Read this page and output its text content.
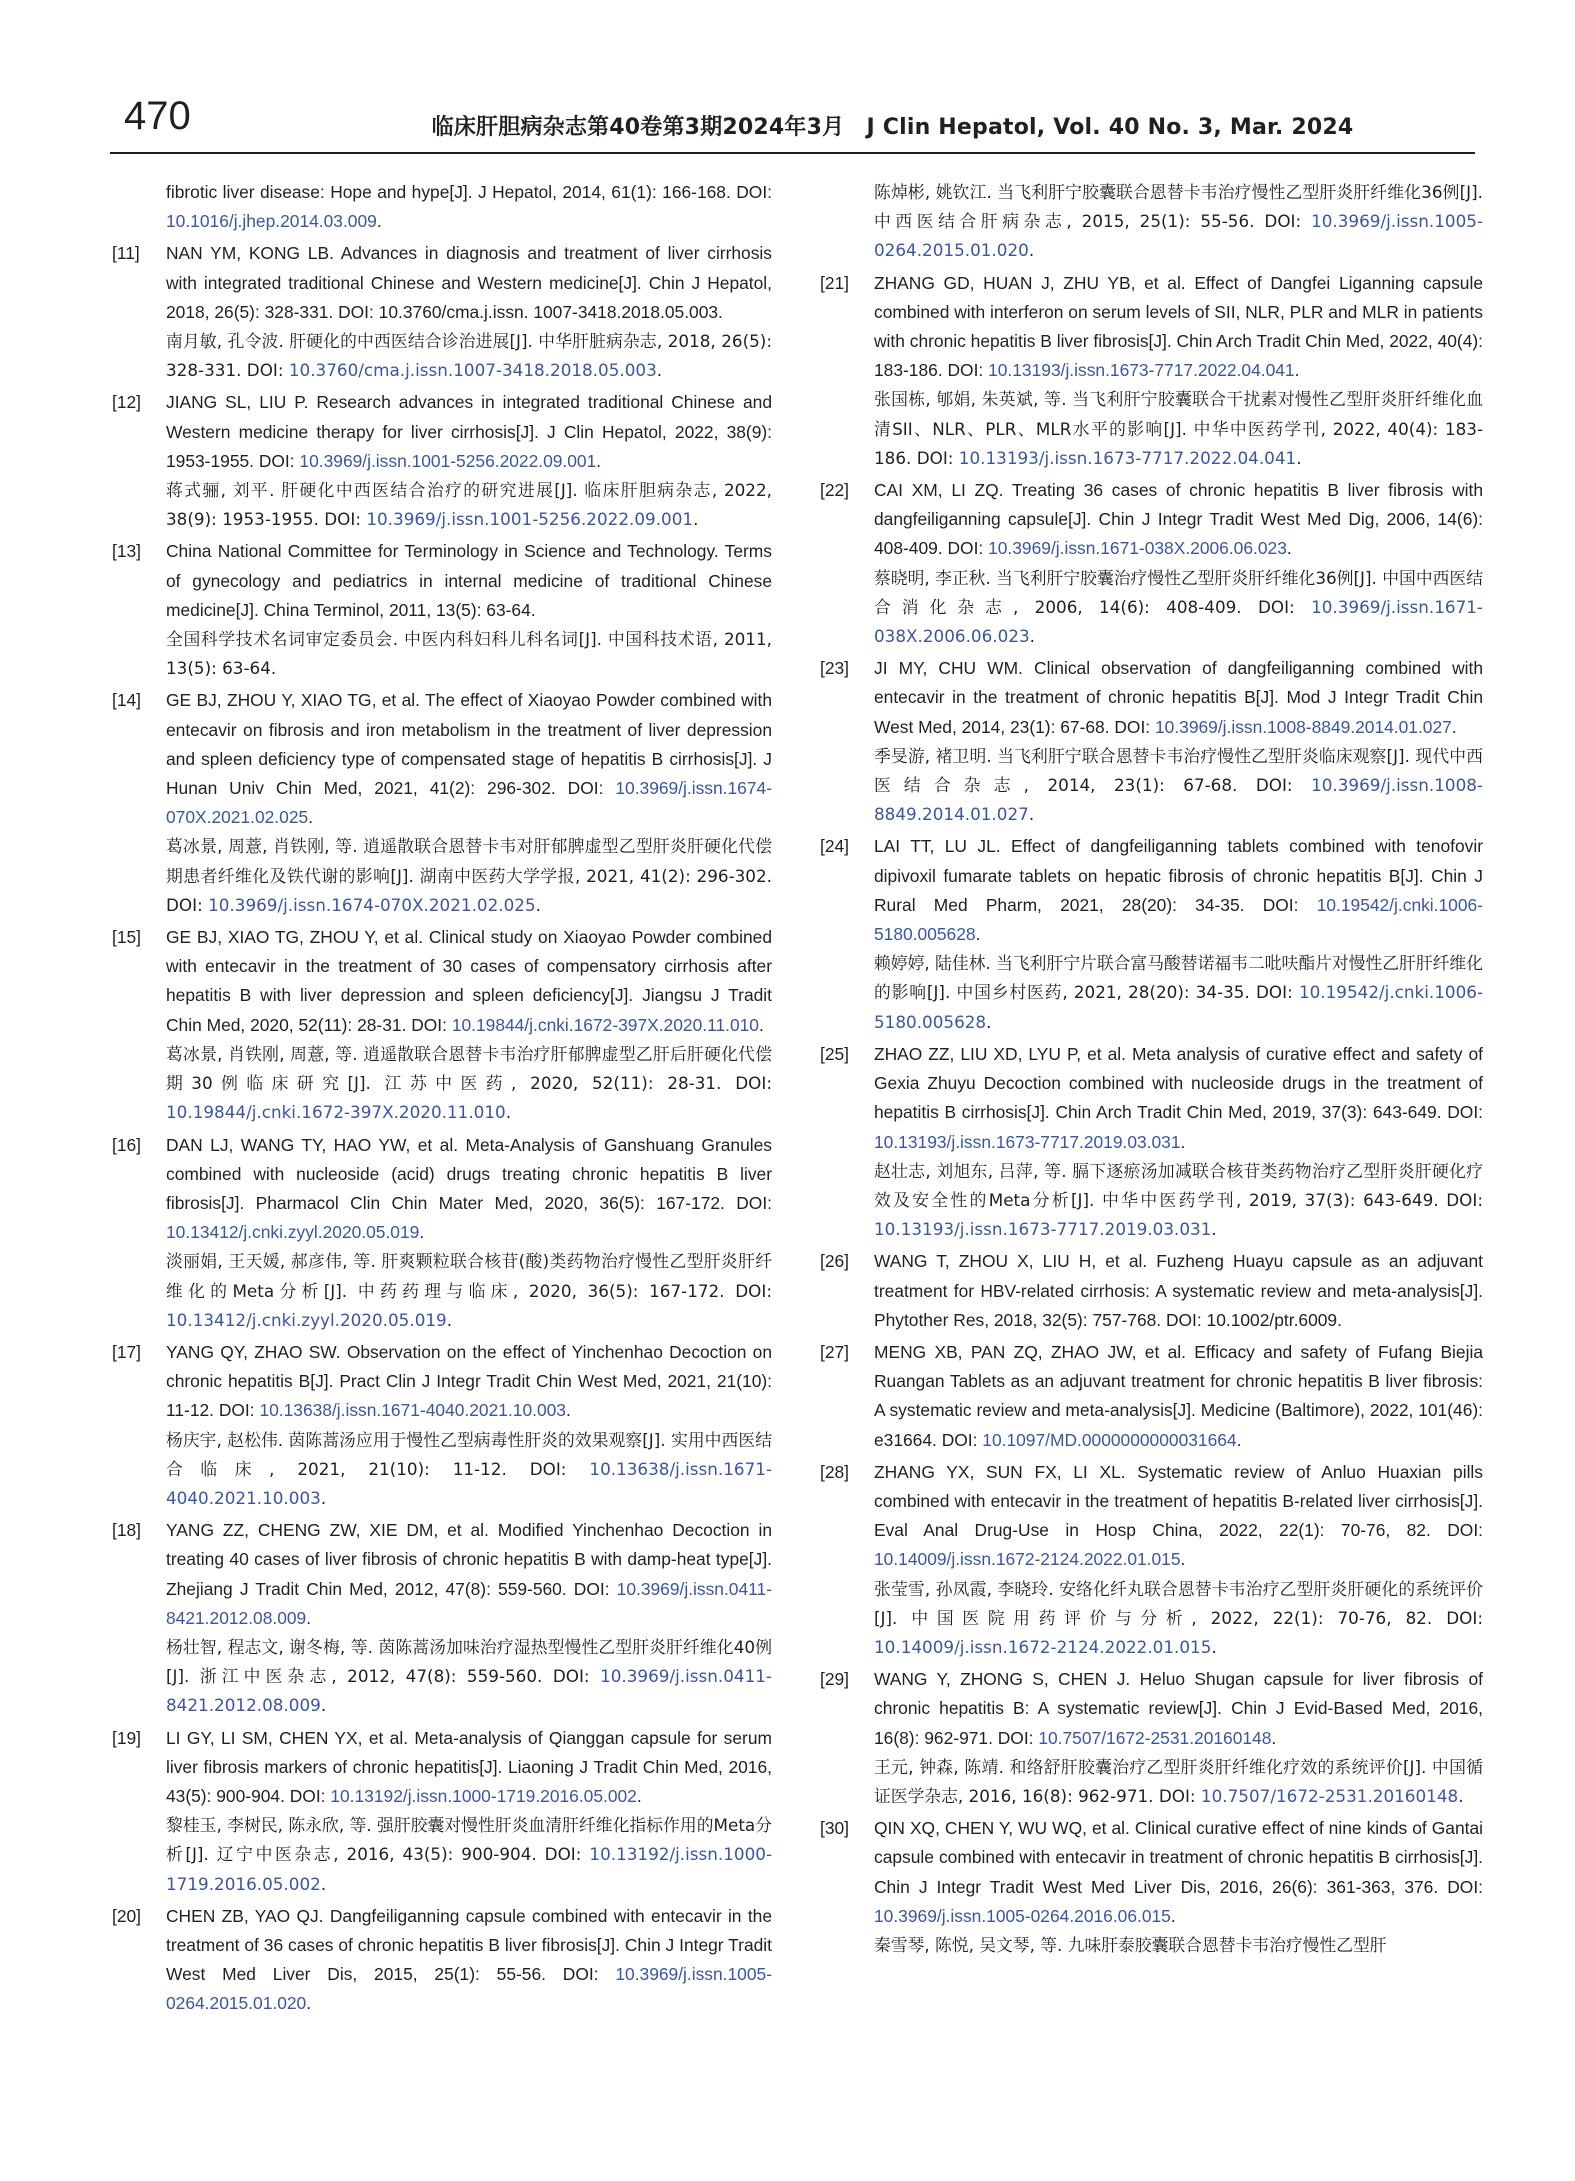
470	临床肝胆病杂志第40卷第3期2024年3月　J Clin Hepatol, Vol. 40 No. 3, Mar. 2024
fibrotic liver disease: Hope and hype[J]. J Hepatol, 2014, 61(1): 166-168. DOI: 10.1016/j.jhep.2014.03.009.
[11]	NAN YM, KONG LB. Advances in diagnosis and treatment of liver cirrhosis with integrated traditional Chinese and Western medicine[J]. Chin J Hepatol, 2018, 26(5): 328-331. DOI: 10.3760/cma.j.issn. 1007-3418.2018.05.003.
南月敏, 孔令波. 肝硬化的中西医结合诊治进展[J]. 中华肝脏病杂志, 2018, 26(5): 328-331. DOI: 10.3760/cma.j.issn.1007-3418.2018.05.003.
[12]	JIANG SL, LIU P. Research advances in integrated traditional Chinese and Western medicine therapy for liver cirrhosis[J]. J Clin Hepatol, 2022, 38(9): 1953-1955. DOI: 10.3969/j.issn.1001-5256.2022.09.001.
蒋式骊, 刘平. 肝硬化中西医结合治疗的研究进展[J]. 临床肝胆病杂志, 2022, 38(9): 1953-1955. DOI: 10.3969/j.issn.1001-5256.2022.09.001.
[13]	China National Committee for Terminology in Science and Technology. Terms of gynecology and pediatrics in internal medicine of traditional Chinese medicine[J]. China Terminol, 2011, 13(5): 63-64.
全国科学技术名词审定委员会. 中医内科妇科儿科名词[J]. 中国科技术语, 2011, 13(5): 63-64.
[14]	GE BJ, ZHOU Y, XIAO TG, et al. The effect of Xiaoyao Powder combined with entecavir on fibrosis and iron metabolism in the treatment of liver depression and spleen deficiency type of compensated stage of hepatitis B cirrhosis[J]. J Hunan Univ Chin Med, 2021, 41(2): 296-302. DOI: 10.3969/j.issn.1674-070X.2021.02.025.
葛冰景, 周薏, 肖铁刚, 等. 逍遥散联合恩替卡韦对肝郁脾虚型乙型肝炎肝硬化代偿期患者纤维化及铁代谢的影响[J]. 湖南中医药大学学报, 2021, 41(2): 296-302. DOI: 10.3969/j.issn.1674-070X.2021.02.025.
[15]	GE BJ, XIAO TG, ZHOU Y, et al. Clinical study on Xiaoyao Powder combined with entecavir in the treatment of 30 cases of compensatory cirrhosis after hepatitis B with liver depression and spleen deficiency[J]. Jiangsu J Tradit Chin Med, 2020, 52(11): 28-31. DOI: 10.19844/j.cnki.1672-397X.2020.11.010.
葛冰景, 肖铁刚, 周薏, 等. 逍遥散联合恩替卡韦治疗肝郁脾虚型乙肝后肝硬化代偿期30例临床研究[J]. 江苏中医药, 2020, 52(11): 28-31. DOI: 10.19844/j.cnki.1672-397X.2020.11.010.
[16]	DAN LJ, WANG TY, HAO YW, et al. Meta-Analysis of Ganshuang Granules combined with nucleoside (acid) drugs treating chronic hepatitis B liver fibrosis[J]. Pharmacol Clin Chin Mater Med, 2020, 36(5): 167-172. DOI: 10.13412/j.cnki.zyyl.2020.05.019.
淡丽娟, 王天媛, 郝彦伟, 等. 肝爽颗粒联合核苷(酸)类药物治疗慢性乙型肝炎肝纤维化的Meta分析[J]. 中药药理与临床, 2020, 36(5): 167-172. DOI: 10.13412/j.cnki.zyyl.2020.05.019.
[17]	YANG QY, ZHAO SW. Observation on the effect of Yinchenhao Decoction on chronic hepatitis B[J]. Pract Clin J Integr Tradit Chin West Med, 2021, 21(10): 11-12. DOI: 10.13638/j.issn.1671-4040.2021.10.003.
杨庆宇, 赵松伟. 茵陈蒿汤应用于慢性乙型病毒性肝炎的效果观察[J]. 实用中西医结合临床, 2021, 21(10): 11-12. DOI: 10.13638/j.issn.1671-4040.2021.10.003.
[18]	YANG ZZ, CHENG ZW, XIE DM, et al. Modified Yinchenhao Decoction in treating 40 cases of liver fibrosis of chronic hepatitis B with damp-heat type[J]. Zhejiang J Tradit Chin Med, 2012, 47(8): 559-560. DOI: 10.3969/j.issn.0411-8421.2012.08.009.
杨壮智, 程志文, 谢冬梅, 等. 茵陈蒿汤加味治疗湿热型慢性乙型肝炎肝纤维化40例[J]. 浙江中医杂志, 2012, 47(8): 559-560. DOI: 10.3969/j.issn.0411-8421.2012.08.009.
[19]	LI GY, LI SM, CHEN YX, et al. Meta-analysis of Qianggan capsule for serum liver fibrosis markers of chronic hepatitis[J]. Liaoning J Tradit Chin Med, 2016, 43(5): 900-904. DOI: 10.13192/j.issn.1000-1719.2016.05.002.
黎桂玉, 李树民, 陈永欣, 等. 强肝胶囊对慢性肝炎血清肝纤维化指标作用的Meta分析[J]. 辽宁中医杂志, 2016, 43(5): 900-904. DOI: 10.13192/j.issn.1000-1719.2016.05.002.
[20]	CHEN ZB, YAO QJ. Dangfeiliganning capsule combined with entecavir in the treatment of 36 cases of chronic hepatitis B liver fibrosis[J]. Chin J Integr Tradit West Med Liver Dis, 2015, 25(1): 55-56. DOI: 10.3969/j.issn.1005-0264.2015.01.020.
陈焯彬, 姚钦江. 当飞利肝宁胶囊联合恩替卡韦治疗慢性乙型肝炎肝纤维化36例[J]. 中西医结合肝病杂志, 2015, 25(1): 55-56. DOI: 10.3969/j.issn.1005-0264.2015.01.020.
[21]	ZHANG GD, HUAN J, ZHU YB, et al. Effect of Dangfei Liganning capsule combined with interferon on serum levels of SII, NLR, PLR and MLR in patients with chronic hepatitis B liver fibrosis[J]. Chin Arch Tradit Chin Med, 2022, 40(4): 183-186. DOI: 10.13193/j.issn.1673-7717.2022.04.041.
张国栋, 郇娟, 朱英斌, 等. 当飞利肝宁胶囊联合干扰素对慢性乙型肝炎肝纤维化血清SII、NLR、PLR、MLR水平的影响[J]. 中华中医药学刊, 2022, 40(4): 183-186. DOI: 10.13193/j.issn.1673-7717.2022.04.041.
[22]	CAI XM, LI ZQ. Treating 36 cases of chronic hepatitis B liver fibrosis with dangfeiliganning capsule[J]. Chin J Integr Tradit West Med Dig, 2006, 14(6): 408-409. DOI: 10.3969/j.issn.1671-038X.2006.06.023.
蔡晓明, 李正秋. 当飞利肝宁胶囊治疗慢性乙型肝炎肝纤维化36例[J]. 中国中西医结合消化杂志, 2006, 14(6): 408-409. DOI: 10.3969/j.issn.1671-038X.2006.06.023.
[23]	JI MY, CHU WM. Clinical observation of dangfeiliganning combined with entecavir in the treatment of chronic hepatitis B[J]. Mod J Integr Tradit Chin West Med, 2014, 23(1): 67-68. DOI: 10.3969/j.issn.1008-8849.2014.01.027.
季旻游, 褚卫明. 当飞利肝宁联合恩替卡韦治疗慢性乙型肝炎临床观察[J]. 现代中西医结合杂志, 2014, 23(1): 67-68. DOI: 10.3969/j.issn.1008-8849.2014.01.027.
[24]	LAI TT, LU JL. Effect of dangfeiliganning tablets combined with tenofovir dipivoxil fumarate tablets on hepatic fibrosis of chronic hepatitis B[J]. Chin J Rural Med Pharm, 2021, 28(20): 34-35. DOI: 10.19542/j.cnki.1006-5180.005628.
赖婷婷, 陆佳林. 当飞利肝宁片联合富马酸替诺福韦二吡呋酯片对慢性乙肝肝纤维化的影响[J]. 中国乡村医药, 2021, 28(20): 34-35. DOI: 10.19542/j.cnki.1006-5180.005628.
[25]	ZHAO ZZ, LIU XD, LYU P, et al. Meta analysis of curative effect and safety of Gexia Zhuyu Decoction combined with nucleoside drugs in the treatment of hepatitis B cirrhosis[J]. Chin Arch Tradit Chin Med, 2019, 37(3): 643-649. DOI: 10.13193/j.issn.1673-7717.2019.03.031.
赵壮志, 刘旭东, 吕萍, 等. 膈下逐瘀汤加减联合核苷类药物治疗乙型肝炎肝硬化疗效及安全性的Meta分析[J]. 中华中医药学刊, 2019, 37(3): 643-649. DOI: 10.13193/j.issn.1673-7717.2019.03.031.
[26]	WANG T, ZHOU X, LIU H, et al. Fuzheng Huayu capsule as an adjuvant treatment for HBV-related cirrhosis: A systematic review and meta-analysis[J]. Phytother Res, 2018, 32(5): 757-768. DOI: 10.1002/ptr.6009.
[27]	MENG XB, PAN ZQ, ZHAO JW, et al. Efficacy and safety of Fufang Biejia Ruangan Tablets as an adjuvant treatment for chronic hepatitis B liver fibrosis: A systematic review and meta-analysis[J]. Medicine (Baltimore), 2022, 101(46): e31664. DOI: 10.1097/MD.0000000000031664.
[28]	ZHANG YX, SUN FX, LI XL. Systematic review of Anluo Huaxian pills combined with entecavir in the treatment of hepatitis B-related liver cirrhosis[J]. Eval Anal Drug-Use in Hosp China, 2022, 22(1): 70-76, 82. DOI: 10.14009/j.issn.1672-2124.2022.01.015.
张莹雪, 孙凤霞, 李晓玲. 安络化纤丸联合恩替卡韦治疗乙型肝炎肝硬化的系统评价[J]. 中国医院用药评价与分析, 2022, 22(1): 70-76, 82. DOI: 10.14009/j.issn.1672-2124.2022.01.015.
[29]	WANG Y, ZHONG S, CHEN J. Heluo Shugan capsule for liver fibrosis of chronic hepatitis B: A systematic review[J]. Chin J Evid-Based Med, 2016, 16(8): 962-971. DOI: 10.7507/1672-2531.20160148.
王元, 钟森, 陈靖. 和络舒肝胶囊治疗乙型肝炎肝纤维化疗效的系统评价[J]. 中国循证医学杂志, 2016, 16(8): 962-971. DOI: 10.7507/1672-2531.20160148.
[30]	QIN XQ, CHEN Y, WU WQ, et al. Clinical curative effect of nine kinds of Gantai capsule combined with entecavir in treatment of chronic hepatitis B cirrhosis[J]. Chin J Integr Tradit West Med Liver Dis, 2016, 26(6): 361-363, 376. DOI: 10.3969/j.issn.1005-0264.2016.06.015.
秦雪琴, 陈悦, 吴文琴, 等. 九味肝泰胶囊联合恩替卡韦治疗慢性乙型肝
